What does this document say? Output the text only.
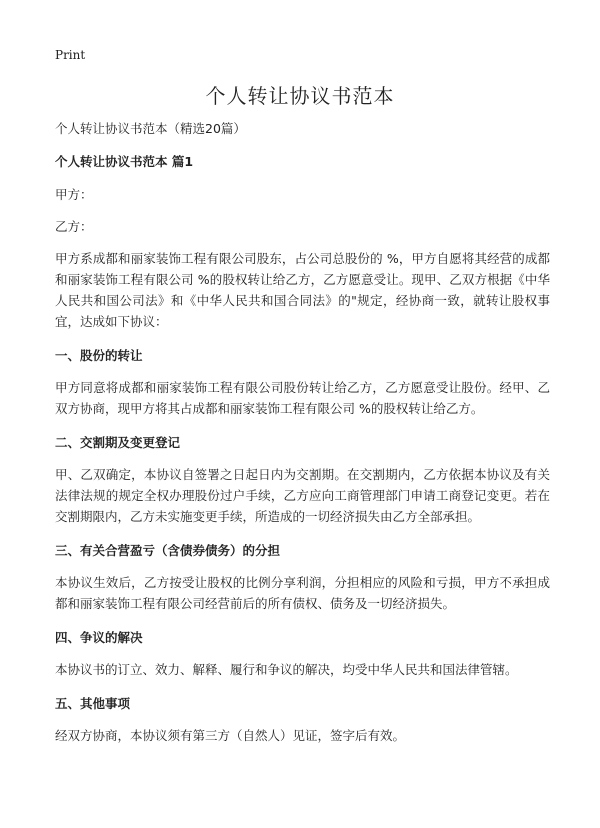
Print
个人转让协议书范本

个人转让协议书范本（精选20篇）

个人转让协议书范本 篇1

甲方：

乙方：

甲方系成都和丽家装饰工程有限公司股东，占公司总股份的 %，甲方自愿将其经营的成都和丽家装饰工程有限公司 %的股权转让给乙方，乙方愿意受让。现甲、乙双方根据《中华人民共和国公司法》和《中华人民共和国合同法》的"规定，经协商一致，就转让股权事宜，达成如下协议：

一、股份的转让

甲方同意将成都和丽家装饰工程有限公司股份转让给乙方，乙方愿意受让股份。经甲、乙双方协商，现甲方将其占成都和丽家装饰工程有限公司 %的股权转让给乙方。

二、交割期及变更登记

甲、乙双确定，本协议自签署之日起日内为交割期。在交割期内，乙方依据本协议及有关法律法规的规定全权办理股份过户手续，乙方应向工商管理部门申请工商登记变更。若在交割期限内，乙方未实施变更手续，所造成的一切经济损失由乙方全部承担。

三、有关合营盈亏（含债券债务）的分担

本协议生效后，乙方按受让股权的比例分享利润，分担相应的风险和亏损，甲方不承担成都和丽家装饰工程有限公司经营前后的所有债权、债务及一切经济损失。

四、争议的解决

本协议书的订立、效力、解释、履行和争议的解决，均受中华人民共和国法律管辖。

五、其他事项

经双方协商，本协议须有第三方（自然人）见证，签字后有效。
